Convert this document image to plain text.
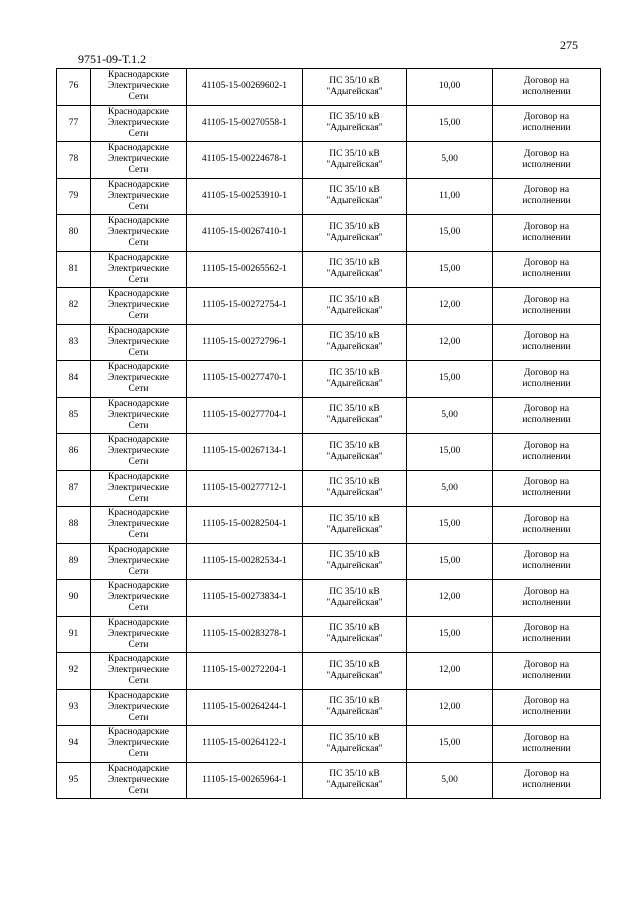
275
9751-09-Т.1.2
76	Краснодарские
Электрические
Сети	41105-15-00269602-1	ПС 35/10 кВ
"Адыгейская"	10,00	Договор на
исполнении

77	Краснодарские
Электрические
Сети	41105-15-00270558-1	ПС 35/10 кВ
"Адыгейская"	15,00	Договор на
исполнении

78	Краснодарские
Электрические
Сети	41105-15-00224678-1	ПС 35/10 кВ
"Адыгейская"	5,00	Договор на
исполнении

79	Краснодарские
Электрические
Сети	41105-15-00253910-1	ПС 35/10 кВ
"Адыгейская"	11,00	Договор на
исполнении

80	Краснодарские
Электрические
Сети	41105-15-00267410-1	ПС 35/10 кВ
"Адыгейская"	15,00	Договор на
исполнении

81	Краснодарские
Электрические
Сети	11105-15-00265562-1	ПС 35/10 кВ
"Адыгейская"	15,00	Договор на
исполнении

82	Краснодарские
Электрические
Сети	11105-15-00272754-1	ПС 35/10 кВ
"Адыгейская"	12,00	Договор на
исполнении

83	Краснодарские
Электрические
Сети	11105-15-00272796-1	ПС 35/10 кВ
"Адыгейская"	12,00	Договор на
исполнении

84	Краснодарские
Электрические
Сети	11105-15-00277470-1	ПС 35/10 кВ
"Адыгейская"	15,00	Договор на
исполнении

85	Краснодарские
Электрические
Сети	11105-15-00277704-1	ПС 35/10 кВ
"Адыгейская"	5,00	Договор на
исполнении

86	Краснодарские
Электрические
Сети	11105-15-00267134-1	ПС 35/10 кВ
"Адыгейская"	15,00	Договор на
исполнении

87	Краснодарские
Электрические
Сети	11105-15-00277712-1	ПС 35/10 кВ
"Адыгейская"	5,00	Договор на
исполнении

88	Краснодарские
Электрические
Сети	11105-15-00282504-1	ПС 35/10 кВ
"Адыгейская"	15,00	Договор на
исполнении

89	Краснодарские
Электрические
Сети	11105-15-00282534-1	ПС 35/10 кВ
"Адыгейская"	15,00	Договор на
исполнении

90	Краснодарские
Электрические
Сети	11105-15-00273834-1	ПС 35/10 кВ
"Адыгейская"	12,00	Договор на
исполнении

91	Краснодарские
Электрические
Сети	11105-15-00283278-1	ПС 35/10 кВ
"Адыгейская"	15,00	Договор на
исполнении

92	Краснодарские
Электрические
Сети	11105-15-00272204-1	ПС 35/10 кВ
"Адыгейская"	12,00	Договор на
исполнении

93	Краснодарские
Электрические
Сети	11105-15-00264244-1	ПС 35/10 кВ
"Адыгейская"	12,00	Договор на
исполнении

94	Краснодарские
Электрические
Сети	11105-15-00264122-1	ПС 35/10 кВ
"Адыгейская"	15,00	Договор на
исполнении

95	Краснодарские
Электрические
Сети	11105-15-00265964-1	ПС 35/10 кВ
"Адыгейская"	5,00	Договор на
исполнении
